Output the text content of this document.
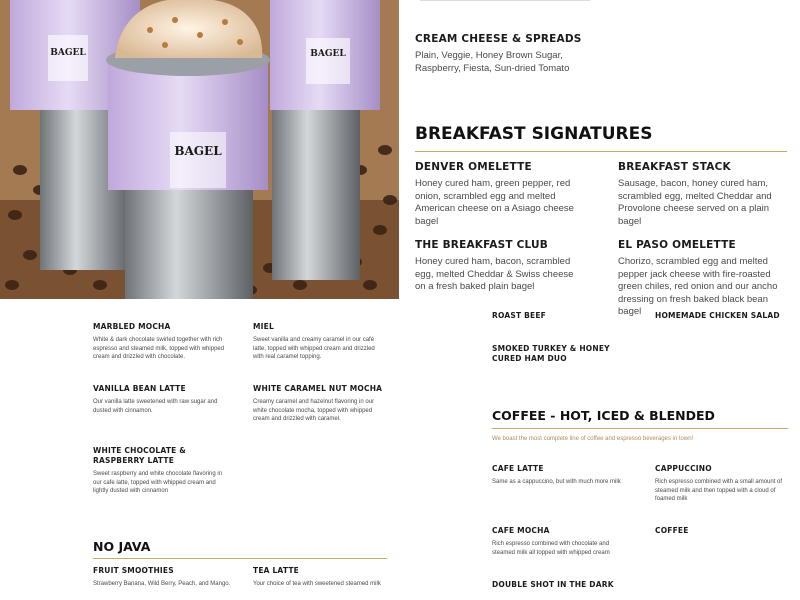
BAGEL	BAGEL
BAGEL
CREAM CHEESE & SPREADS
Plain, Veggie, Honey Brown Sugar, Raspberry, Fiesta, Sun-dried Tomato
BREAKFAST SIGNATURES
DENVER OMELETTE
Honey cured ham, green pepper, red onion, scrambled egg and melted American cheese on a Asiago cheese bagel
BREAKFAST STACK
Sausage, bacon, honey cured ham, scrambled egg, melted Cheddar and Provolone cheese served on a plain bagel
THE BREAKFAST CLUB
Honey cured ham, bacon, scrambled egg, melted Cheddar & Swiss cheese on a fresh baked plain bagel
EL PASO OMELETTE
Chorizo, scrambled egg and melted pepper jack cheese with fire-roasted green chiles, red onion and our ancho dressing on fresh baked black bean bagel
MARBLED MOCHA
White & dark chocolate swirled together with rich espresso and steamed milk, topped with whipped cream and drizzled with chocolate.
MIEL
Sweet vanilla and creamy caramel in our café latte, topped with whipped cream and drizzled with real caramel topping.
VANILLA BEAN LATTE
Our vanilla latte sweetened with raw sugar and dusted with cinnamon.
WHITE CARAMEL NUT MOCHA
Creamy caramel and hazelnut flavoring in our white chocolate mocha, topped with whipped cream and drizzled with caramel.
WHITE CHOCOLATE & RASPBERRY LATTE
Sweet raspberry and white chocolate flavoring in our cafe latte, topped with whipped cream and lightly dusted with cinnamon
NO JAVA
FRUIT SMOOTHIES
Strawberry Banana, Wild Berry, Peach, and Mango.
TEA LATTE
Your choice of tea with sweetened steamed milk
ROAST BEEF	HOMEMADE CHICKEN SALAD
SMOKED TURKEY & HONEY CURED HAM DUO
COFFEE - HOT, ICED & BLENDED
We boast the most complete line of coffee and espresso beverages in town!
CAFE LATTE
Same as a cappuccino, but with much more milk
CAPPUCCINO
Rich espresso combined with a small amount of steamed milk and then topped with a cloud of foamed milk
CAFE MOCHA
Rich espresso combined with chocolate and steamed milk all topped with whipped cream
COFFEE
DOUBLE SHOT IN THE DARK
